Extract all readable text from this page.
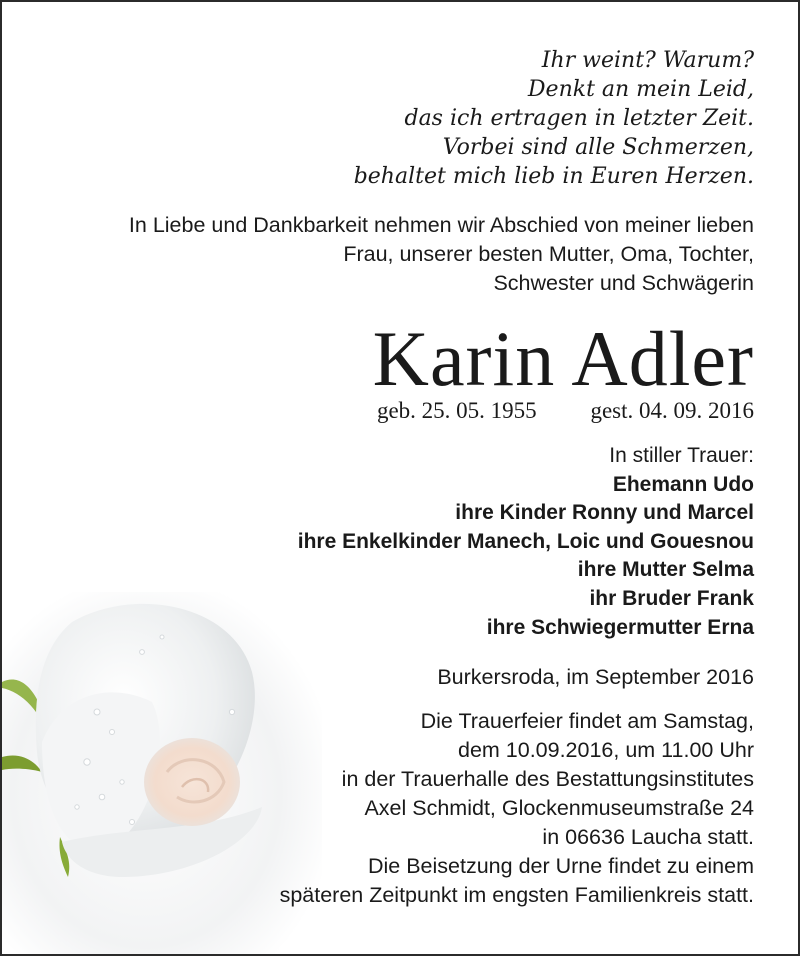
Ihr weint? Warum?
Denkt an mein Leid,
das ich ertragen in letzter Zeit.
Vorbei sind alle Schmerzen,
behaltet mich lieb in Euren Herzen.
In Liebe und Dankbarkeit nehmen wir Abschied von meiner lieben
Frau, unserer besten Mutter, Oma, Tochter,
Schwester und Schwägerin
Karin Adler
geb. 25. 05. 1955 gest. 04. 09. 2016
In stiller Trauer:
Ehemann Udo
ihre Kinder Ronny und Marcel
ihre Enkelkinder Manech, Loic und Gouesnou
ihre Mutter Selma
ihr Bruder Frank
ihre Schwiegermutter Erna
Burkersroda, im September 2016
Die Trauerfeier findet am Samstag,
dem 10.09.2016, um 11.00 Uhr
in der Trauerhalle des Bestattungsinstitutes
Axel Schmidt, Glockenmuseumstraße 24
in 06636 Laucha statt.
Die Beisetzung der Urne findet zu einem
späteren Zeitpunkt im engsten Familienkreis statt.
